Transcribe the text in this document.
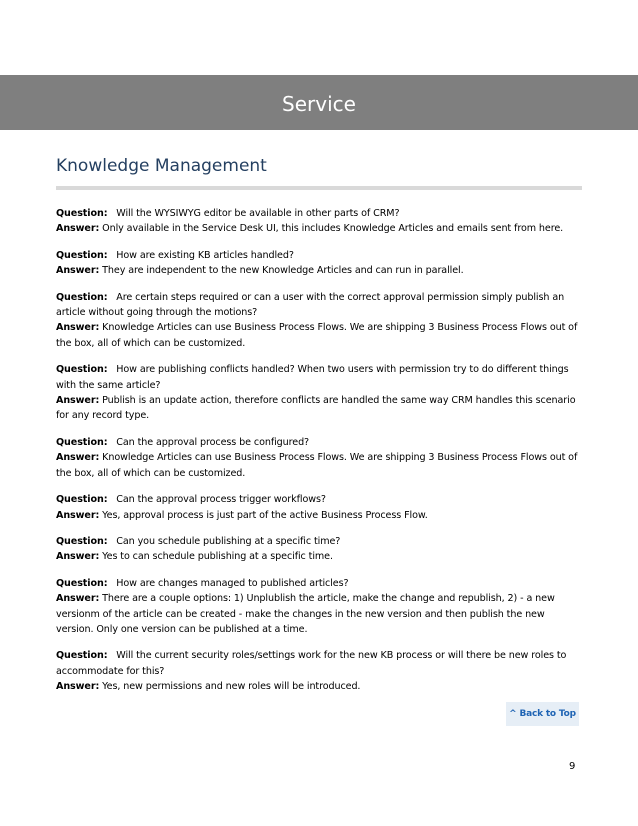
Service
Knowledge Management
Question: Will the WYSIWYG editor be available in other parts of CRM?
Answer: Only available in the Service Desk UI, this includes Knowledge Articles and emails sent from here.
Question: How are existing KB articles handled?
Answer: They are independent to the new Knowledge Articles and can run in parallel.
Question: Are certain steps required or can a user with the correct approval permission simply publish an article without going through the motions?
Answer: Knowledge Articles can use Business Process Flows. We are shipping 3 Business Process Flows out of the box, all of which can be customized.
Question: How are publishing conflicts handled? When two users with permission try to do different things with the same article?
Answer: Publish is an update action, therefore conflicts are handled the same way CRM handles this scenario for any record type.
Question: Can the approval process be configured?
Answer: Knowledge Articles can use Business Process Flows. We are shipping 3 Business Process Flows out of the box, all of which can be customized.
Question: Can the approval process trigger workflows?
Answer: Yes, approval process is just part of the active Business Process Flow.
Question: Can you schedule publishing at a specific time?
Answer: Yes to can schedule publishing at a specific time.
Question: How are changes managed to published articles?
Answer: There are a couple options: 1) Unplublish the article, make the change and republish, 2) - a new versionm of the article can be created - make the changes in the new version and then publish the new version. Only one version can be published at a time.
Question: Will the current security roles/settings work for the new KB process or will there be new roles to accommodate for this?
Answer: Yes, new permissions and new roles will be introduced.
^ Back to Top
9
